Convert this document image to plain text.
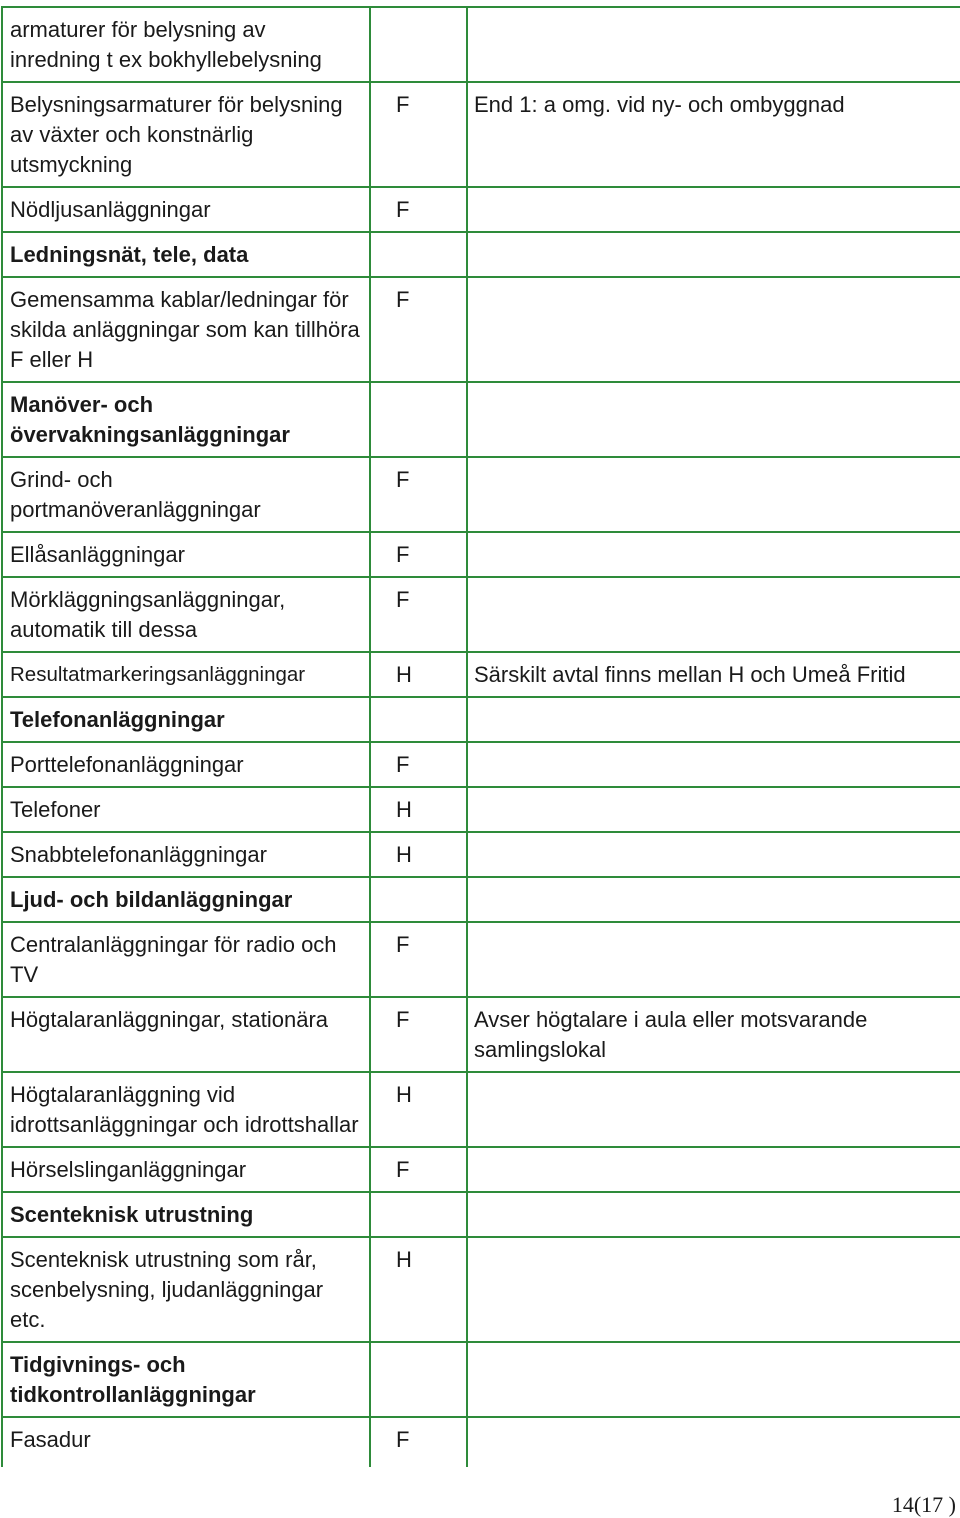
armaturer för belysning av inredning t ex bokhyllebelysning		
Belysningsarmaturer för belysning av växter och konstnärlig utsmyckning	F	End 1: a omg. vid ny- och ombyggnad
Nödljusanläggningar	F	
Ledningsnät, tele, data		
Gemensamma kablar/ledningar för skilda anläggningar som kan tillhöra F eller H	F	
Manöver- och övervakningsanläggningar		
Grind- och portmanöveranläggningar	F	
Ellåsanläggningar	F	
Mörkläggningsanläggningar, automatik till dessa	F	
Resultatmarkeringsanläggningar	H	Särskilt avtal finns mellan H och Umeå Fritid
Telefonanläggningar		
Porttelefonanläggningar	F	
Telefoner	H	
Snabbtelefonanläggningar	H	
Ljud- och bildanläggningar		
Centralanläggningar för radio och TV	F	
Högtalaranläggningar, stationära	F	Avser högtalare i aula eller motsvarande samlingslokal
Högtalaranläggning vid idrottsanläggningar och idrottshallar	H	
Hörselslinganläggningar	F	
Scenteknisk utrustning		
Scenteknisk utrustning som rår, scenbelysning, ljudanläggningar etc.	H	
Tidgivnings- och tidkontrollanläggningar		
Fasadur	F	
14(17 )
